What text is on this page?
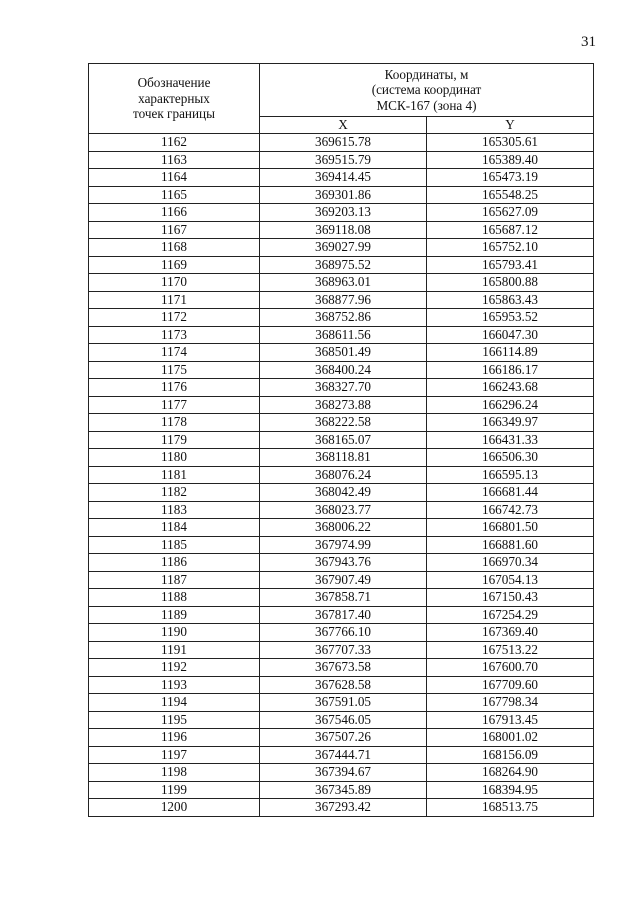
31
Обозначение
характерных
точек границы	Координаты, м
(система координат
МСК-167 (зона 4)	

	X	Y
1162	369615.78	165305.61
1163	369515.79	165389.40
1164	369414.45	165473.19
1165	369301.86	165548.25
1166	369203.13	165627.09
1167	369118.08	165687.12
1168	369027.99	165752.10
1169	368975.52	165793.41
1170	368963.01	165800.88
1171	368877.96	165863.43
1172	368752.86	165953.52
1173	368611.56	166047.30
1174	368501.49	166114.89
1175	368400.24	166186.17
1176	368327.70	166243.68
1177	368273.88	166296.24
1178	368222.58	166349.97
1179	368165.07	166431.33
1180	368118.81	166506.30
1181	368076.24	166595.13
1182	368042.49	166681.44
1183	368023.77	166742.73
1184	368006.22	166801.50
1185	367974.99	166881.60
1186	367943.76	166970.34
1187	367907.49	167054.13
1188	367858.71	167150.43
1189	367817.40	167254.29
1190	367766.10	167369.40
1191	367707.33	167513.22
1192	367673.58	167600.70
1193	367628.58	167709.60
1194	367591.05	167798.34
1195	367546.05	167913.45
1196	367507.26	168001.02
1197	367444.71	168156.09
1198	367394.67	168264.90
1199	367345.89	168394.95
1200	367293.42	168513.75
